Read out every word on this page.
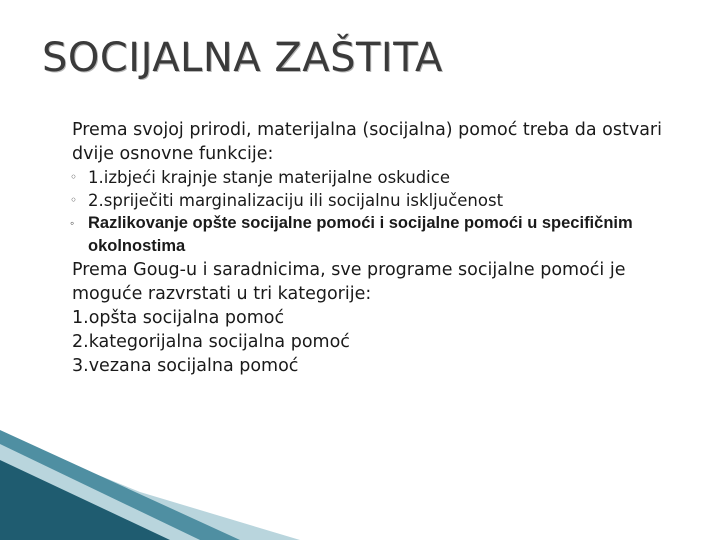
SOCIJALNA ZAŠTITA
Prema svojoj prirodi, materijalna (socijalna) pomoć treba da ostvari dvije osnovne funkcije:
◦ 1.izbjeći krajnje stanje materijalne oskudice
◦ 2.spriječiti marginalizaciju ili socijalnu isključenost
◦ Razlikovanje opšte socijalne pomoći i socijalne pomoći u specifičnim okolnostima
Prema Goug-u i saradnicima, sve programe socijalne pomoći je moguće razvrstati u tri kategorije:
1.opšta socijalna pomoć
2.kategorijalna socijalna pomoć
3.vezana socijalna pomoć
